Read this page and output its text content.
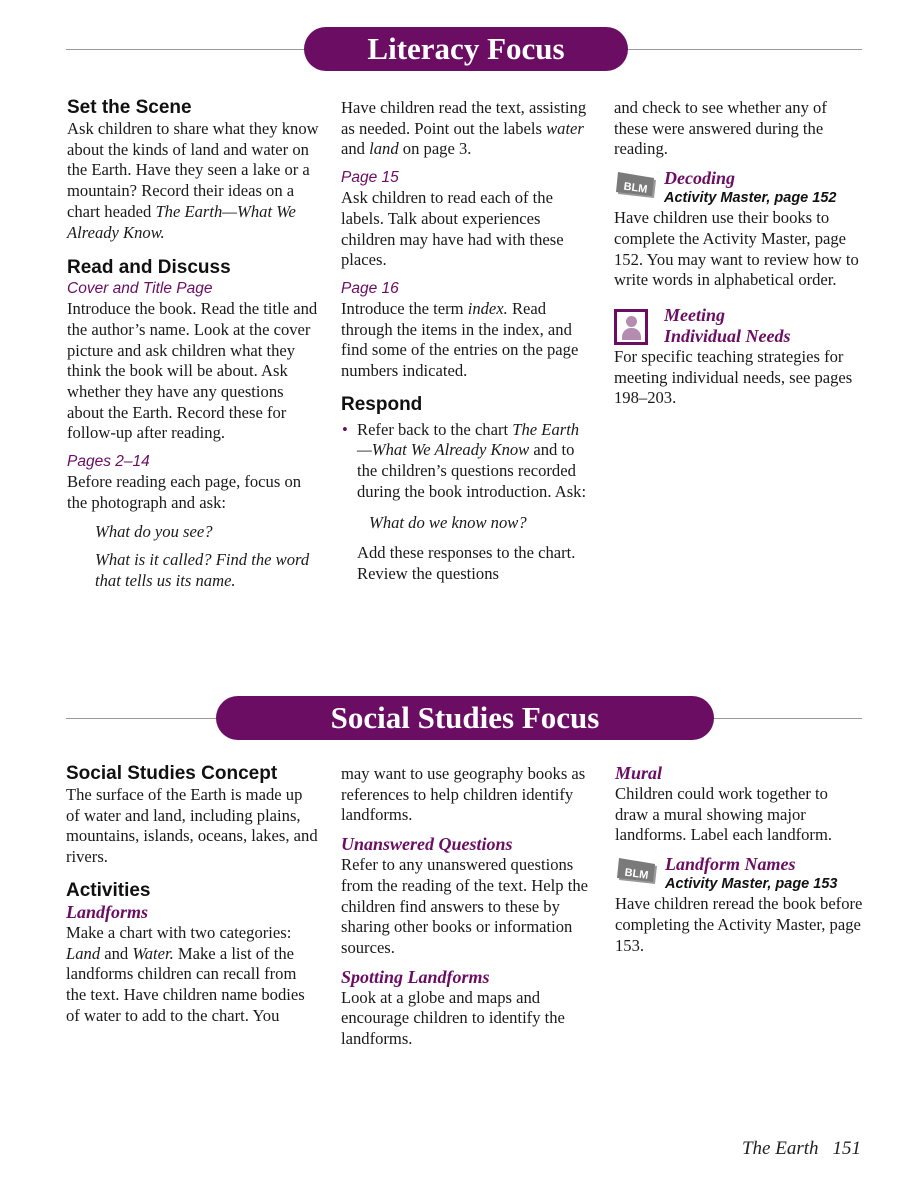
Literacy Focus
Set the Scene

Ask children to share what they know about the kinds of land and water on the Earth. Have they seen a lake or a mountain? Record their ideas on a chart headed The Earth—What We Already Know.

Read and Discuss
Cover and Title Page

Introduce the book. Read the title and the author’s name. Look at the cover picture and ask children what they think the book will be about. Ask whether they have any questions about the Earth. Record these for follow-up after reading.

Pages 2–14

Before reading each page, focus on the photograph and ask:

What do you see?

What is it called? Find the word that tells us its name.

Have children read the text, assisting as needed. Point out the labels water and land on page 3.

Page 15

Ask children to read each of the labels. Talk about experiences children may have had with these places.

Page 16

Introduce the term index. Read through the items in the index, and find some of the entries on the page numbers indicated.

Respond

• Refer back to the chart The Earth—What We Already Know and to the children’s questions recorded during the book introduction. Ask:

What do we know now?

Add these responses to the chart. Review the questions

and check to see whether any of these were answered during the reading.

BLM
Decoding
Activity Master, page 152

Have children use their books to complete the Activity Master, page 152. You may want to review how to write words in alphabetical order.

Meeting
Individual Needs

For specific teaching strategies for meeting individual needs, see pages 198–203.

Social Studies Focus
Social Studies Concept

The surface of the Earth is made up of water and land, including plains, mountains, islands, oceans, lakes, and rivers.

Activities
Landforms

Make a chart with two categories: Land and Water. Make a list of the landforms children can recall from the text. Have children name bodies of water to add to the chart. You

may want to use geography books as references to help children identify landforms.

Unanswered Questions

Refer to any unanswered questions from the reading of the text. Help the children find answers to these by sharing other books or information sources.

Spotting Landforms

Look at a globe and maps and encourage children to identify the landforms.

Mural

Children could work together to draw a mural showing major landforms. Label each landform.

BLM
Landform Names
Activity Master, page 153

Have children reread the book before completing the Activity Master, page 153.

The Earth 151
